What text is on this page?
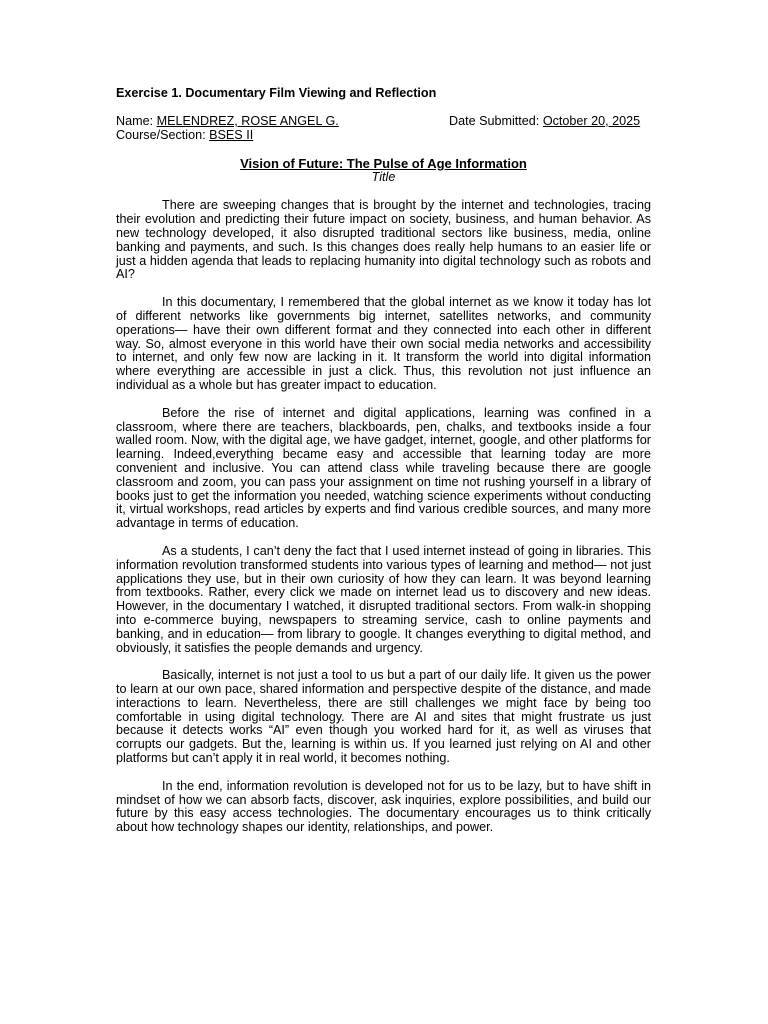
Exercise 1. Documentary Film Viewing and Reflection
Name: MELENDREZ, ROSE ANGEL G.	Date Submitted: October 20, 2025
Course/Section: BSES II
Vision of Future: The Pulse of Age Information
Title

There are sweeping changes that is brought by the internet and technologies, tracing their evolution and predicting their future impact on society, business, and human behavior. As new technology developed, it also disrupted traditional sectors like business, media, online banking and payments, and such. Is this changes does really help humans to an easier life or just a hidden agenda that leads to replacing humanity into digital technology such as robots and AI?

In this documentary, I remembered that the global internet as we know it today has lot of different networks like governments big internet, satellites networks, and community operations— have their own different format and they connected into each other in different way. So, almost everyone in this world have their own social media networks and accessibility to internet, and only few now are lacking in it. It transform the world into digital information where everything are accessible in just a click. Thus, this revolution not just influence an individual as a whole but has greater impact to education.

Before the rise of internet and digital applications, learning was confined in a classroom, where there are teachers, blackboards, pen, chalks, and textbooks inside a four walled room. Now, with the digital age, we have gadget, internet, google, and other platforms for learning. Indeed,everything became easy and accessible that learning today are more convenient and inclusive. You can attend class while traveling because there are google classroom and zoom, you can pass your assignment on time not rushing yourself in a library of books just to get the information you needed, watching science experiments without conducting it, virtual workshops, read articles by experts and find various credible sources, and many more advantage in terms of education.

As a students, I can’t deny the fact that I used internet instead of going in libraries. This information revolution transformed students into various types of learning and method— not just applications they use, but in their own curiosity of how they can learn. It was beyond learning from textbooks. Rather, every click we made on internet lead us to discovery and new ideas. However, in the documentary I watched, it disrupted traditional sectors. From walk-in shopping into e-commerce buying, newspapers to streaming service, cash to online payments and banking, and in education— from library to google. It changes everything to digital method, and obviously, it satisfies the people demands and urgency.

Basically, internet is not just a tool to us but a part of our daily life. It given us the power to learn at our own pace, shared information and perspective despite of the distance, and made interactions to learn. Nevertheless, there are still challenges we might face by being too comfortable in using digital technology. There are AI and sites that might frustrate us just because it detects works “AI” even though you worked hard for it, as well as viruses that corrupts our gadgets. But the, learning is within us. If you learned just relying on AI and other platforms but can’t apply it in real world, it becomes nothing.

In the end, information revolution is developed not for us to be lazy, but to have shift in mindset of how we can absorb facts, discover, ask inquiries, explore possibilities, and build our future by this easy access technologies. The documentary encourages us to think critically about how technology shapes our identity, relationships, and power.
